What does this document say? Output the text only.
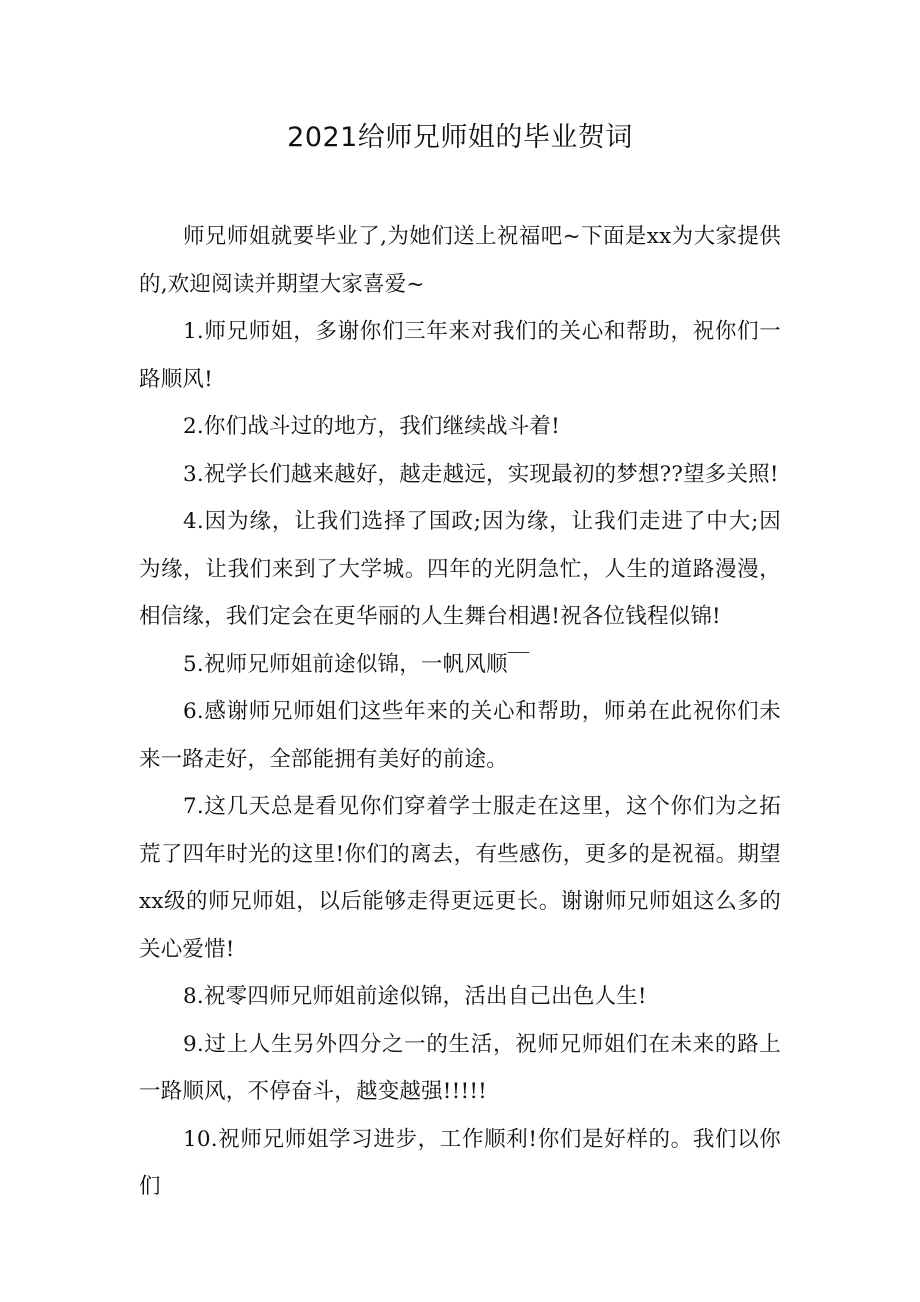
2021给师兄师姐的毕业贺词

师兄师姐就要毕业了,为她们送上祝福吧~下面是xx为大家提供的,欢迎阅读并期望大家喜爱~

1.师兄师姐，多谢你们三年来对我们的关心和帮助，祝你们一路顺风!

2.你们战斗过的地方，我们继续战斗着!

3.祝学长们越来越好，越走越远，实现最初的梦想??望多关照!

4.因为缘，让我们选择了国政;因为缘，让我们走进了中大;因为缘，让我们来到了大学城。四年的光阴急忙，人生的道路漫漫，相信缘，我们定会在更华丽的人生舞台相遇!祝各位钱程似锦!

5.祝师兄师姐前途似锦，一帆风顺￣

6.感谢师兄师姐们这些年来的关心和帮助，师弟在此祝你们未来一路走好，全部能拥有美好的前途。

7.这几天总是看见你们穿着学士服走在这里，这个你们为之拓荒了四年时光的这里!你们的离去，有些感伤，更多的是祝福。期望xx级的师兄师姐，以后能够走得更远更长。谢谢师兄师姐这么多的关心爱惜!

8.祝零四师兄师姐前途似锦，活出自己出色人生!

9.过上人生另外四分之一的生活，祝师兄师姐们在未来的路上一路顺风，不停奋斗，越变越强!!!!!

10.祝师兄师姐学习进步，工作顺利!你们是好样的。我们以你们
